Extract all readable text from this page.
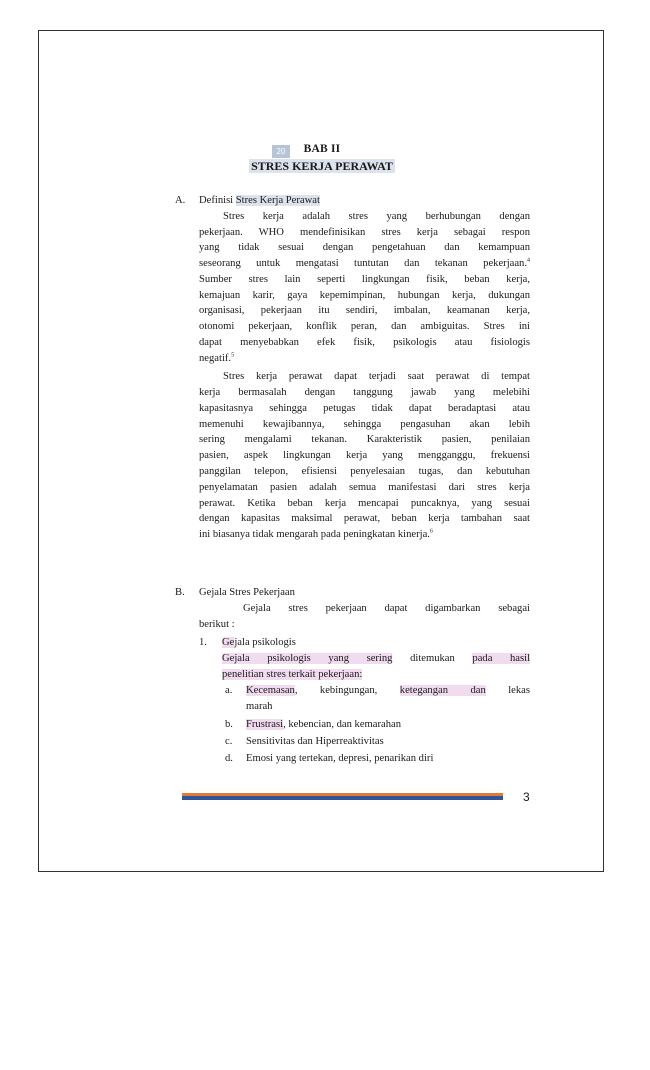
20	BAB II
STRES KERJA PERAWAT
A. Definisi Stres Kerja Perawat
Stres kerja adalah stres yang berhubungan dengan
pekerjaan. WHO mendefinisikan stres kerja sebagai respon
yang tidak sesuai dengan pengetahuan dan kemampuan
seseorang untuk mengatasi tuntutan dan tekanan pekerjaan.$^4$
Sumber stres lain seperti lingkungan fisik, beban kerja,
kemajuan karir, gaya kepemimpinan, hubungan kerja, dukungan
organisasi, pekerjaan itu sendiri, imbalan, keamanan kerja,
otonomi pekerjaan, konflik peran, dan ambiguitas. Stres ini
dapat menyebabkan efek fisik, psikologis atau fisiologis
negatif.$^5$
Stres kerja perawat dapat terjadi saat perawat di tempat
kerja bermasalah dengan tanggung jawab yang melebihi
kapasitasnya sehingga petugas tidak dapat beradaptasi atau
memenuhi kewajibannya, sehingga pengasuhan akan lebih
sering mengalami tekanan. Karakteristik pasien, penilaian
pasien, aspek lingkungan kerja yang mengganggu, frekuensi
panggilan telepon, efisiensi penyelesaian tugas, dan kebutuhan
penyelamatan pasien adalah semua manifestasi dari stres kerja
perawat. Ketika beban kerja mencapai puncaknya, yang sesuai
dengan kapasitas maksimal perawat, beban kerja tambahan saat
ini biasanya tidak mengarah pada peningkatan kinerja.$^6$
B. Gejala Stres Pekerjaan
Gejala stres pekerjaan dapat digambarkan sebagai
berikut :
1. Gejala psikologis
Gejala psikologis yang sering ditemukan pada hasil
penelitian stres terkait pekerjaan:
a. Kecemasan, kebingungan, ketegangan dan lekas
marah
b. Frustrasi, kebencian, dan kemarahan
c. Sensitivitas dan Hiperreaktivitas
d. Emosi yang tertekan, depresi, penarikan diri
3
